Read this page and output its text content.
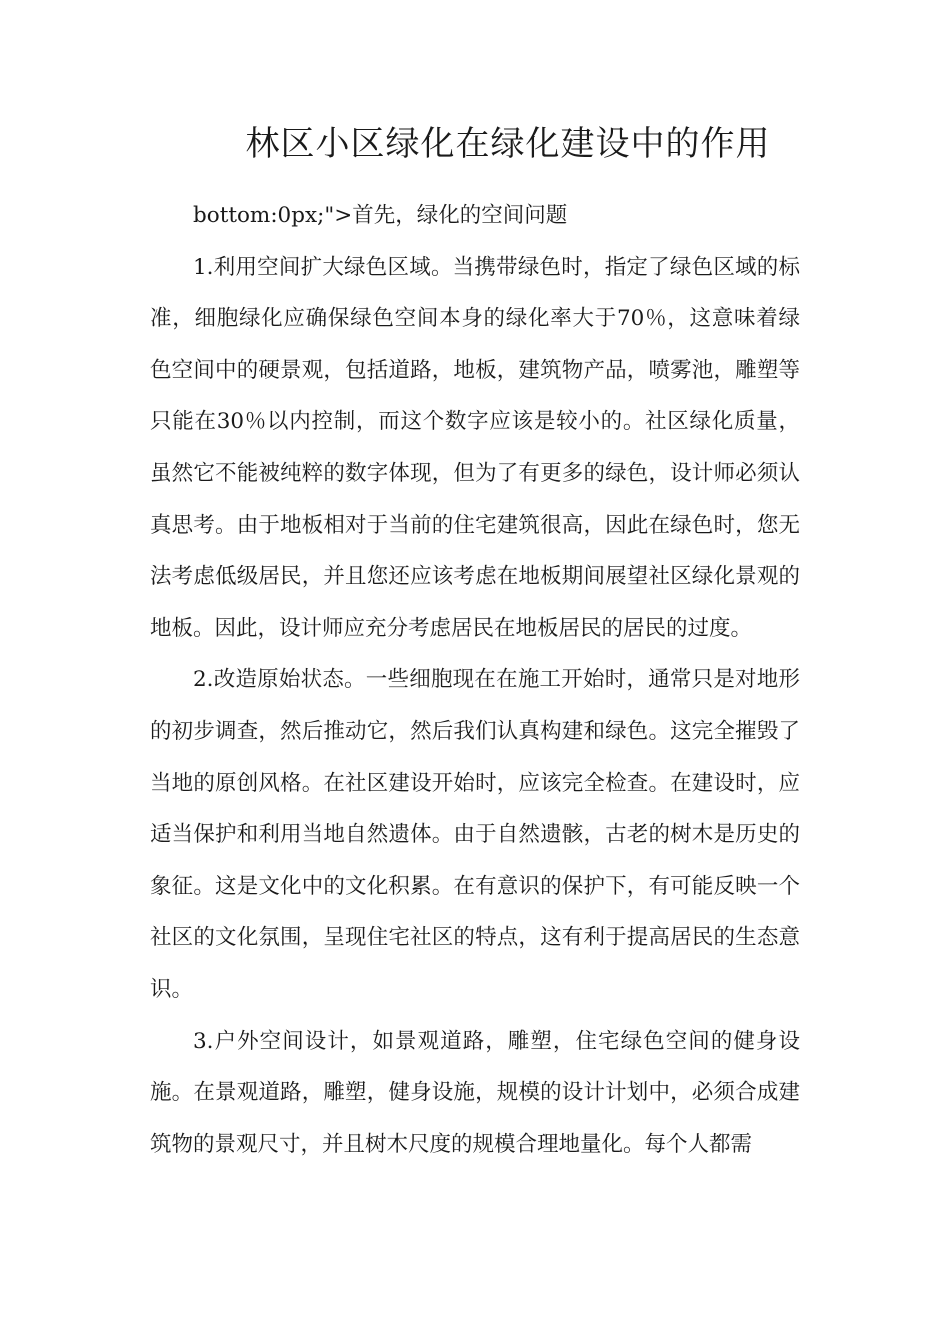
林区小区绿化在绿化建设中的作用

bottom:0px;">首先，绿化的空间问题

1.利用空间扩大绿色区域。当携带绿色时，指定了绿色区域的标准，细胞绿化应确保绿色空间本身的绿化率大于70％，这意味着绿色空间中的硬景观，包括道路，地板，建筑物产品，喷雾池，雕塑等只能在30％以内控制，而这个数字应该是较小的。社区绿化质量，虽然它不能被纯粹的数字体现，但为了有更多的绿色，设计师必须认真思考。由于地板相对于当前的住宅建筑很高，因此在绿色时，您无法考虑低级居民，并且您还应该考虑在地板期间展望社区绿化景观的地板。因此，设计师应充分考虑居民在地板居民的居民的过度。

2.改造原始状态。一些细胞现在在施工开始时，通常只是对地形的初步调查，然后推动它，然后我们认真构建和绿色。这完全摧毁了当地的原创风格。在社区建设开始时，应该完全检查。在建设时，应适当保护和利用当地自然遗体。由于自然遗骸，古老的树木是历史的象征。这是文化中的文化积累。在有意识的保护下，有可能反映一个社区的文化氛围，呈现住宅社区的特点，这有利于提高居民的生态意识。

3.户外空间设计，如景观道路，雕塑，住宅绿色空间的健身设施。在景观道路，雕塑，健身设施，规模的设计计划中，必须合成建筑物的景观尺寸，并且树木尺度的规模合理地量化。每个人都需
